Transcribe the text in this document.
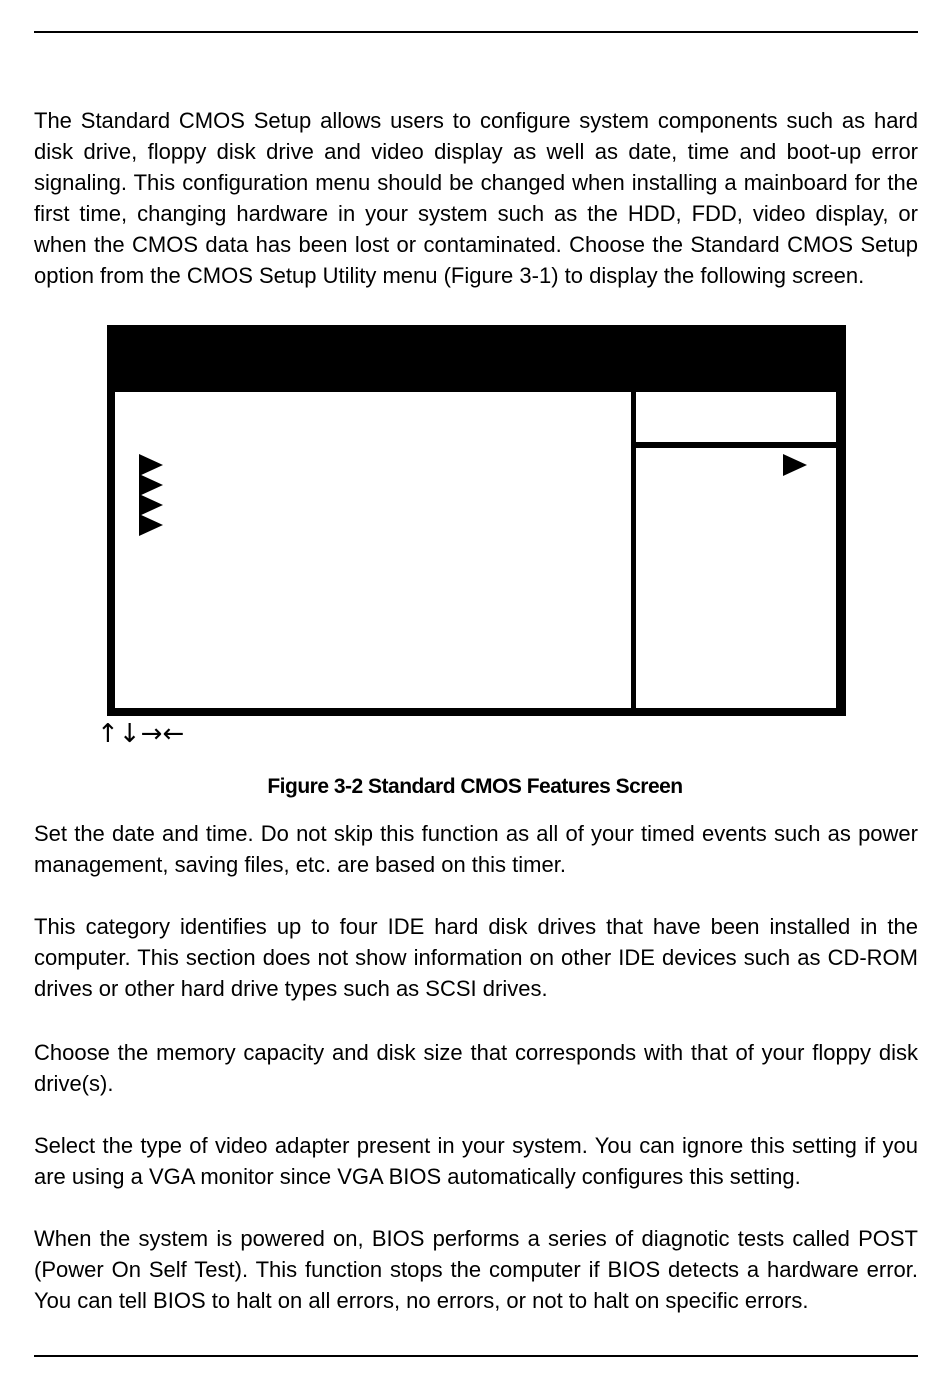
The Standard CMOS Setup allows users to configure system components such as hard disk drive, floppy disk drive and video display as well as date, time and boot-up error signaling. This configuration menu should be changed when installing a mainboard for the first time, changing hardware in your system such as the HDD, FDD, video display, or when the CMOS data has been lost or contaminated. Choose the Standard CMOS Setup option from the CMOS Setup Utility menu (Figure 3-1) to display the following screen.

↑↓→←
Figure 3-2 Standard CMOS Features Screen

Set the date and time. Do not skip this function as all of your timed events such as power management, saving files, etc. are based on this timer.

This category identifies up to four IDE hard disk drives that have been installed in the computer. This section does not show information on other IDE devices such as CD-ROM drives or other hard drive types such as SCSI drives.

Choose the memory capacity and disk size that corresponds with that of your floppy disk drive(s).

Select the type of video adapter present in your system. You can ignore this setting if you are using a VGA monitor since VGA BIOS automatically configures this setting.

When the system is powered on, BIOS performs a series of diagnotic tests called POST (Power On Self Test). This function stops the computer if BIOS detects a hardware error. You can tell BIOS to halt on all errors, no errors, or not to halt on specific errors.
